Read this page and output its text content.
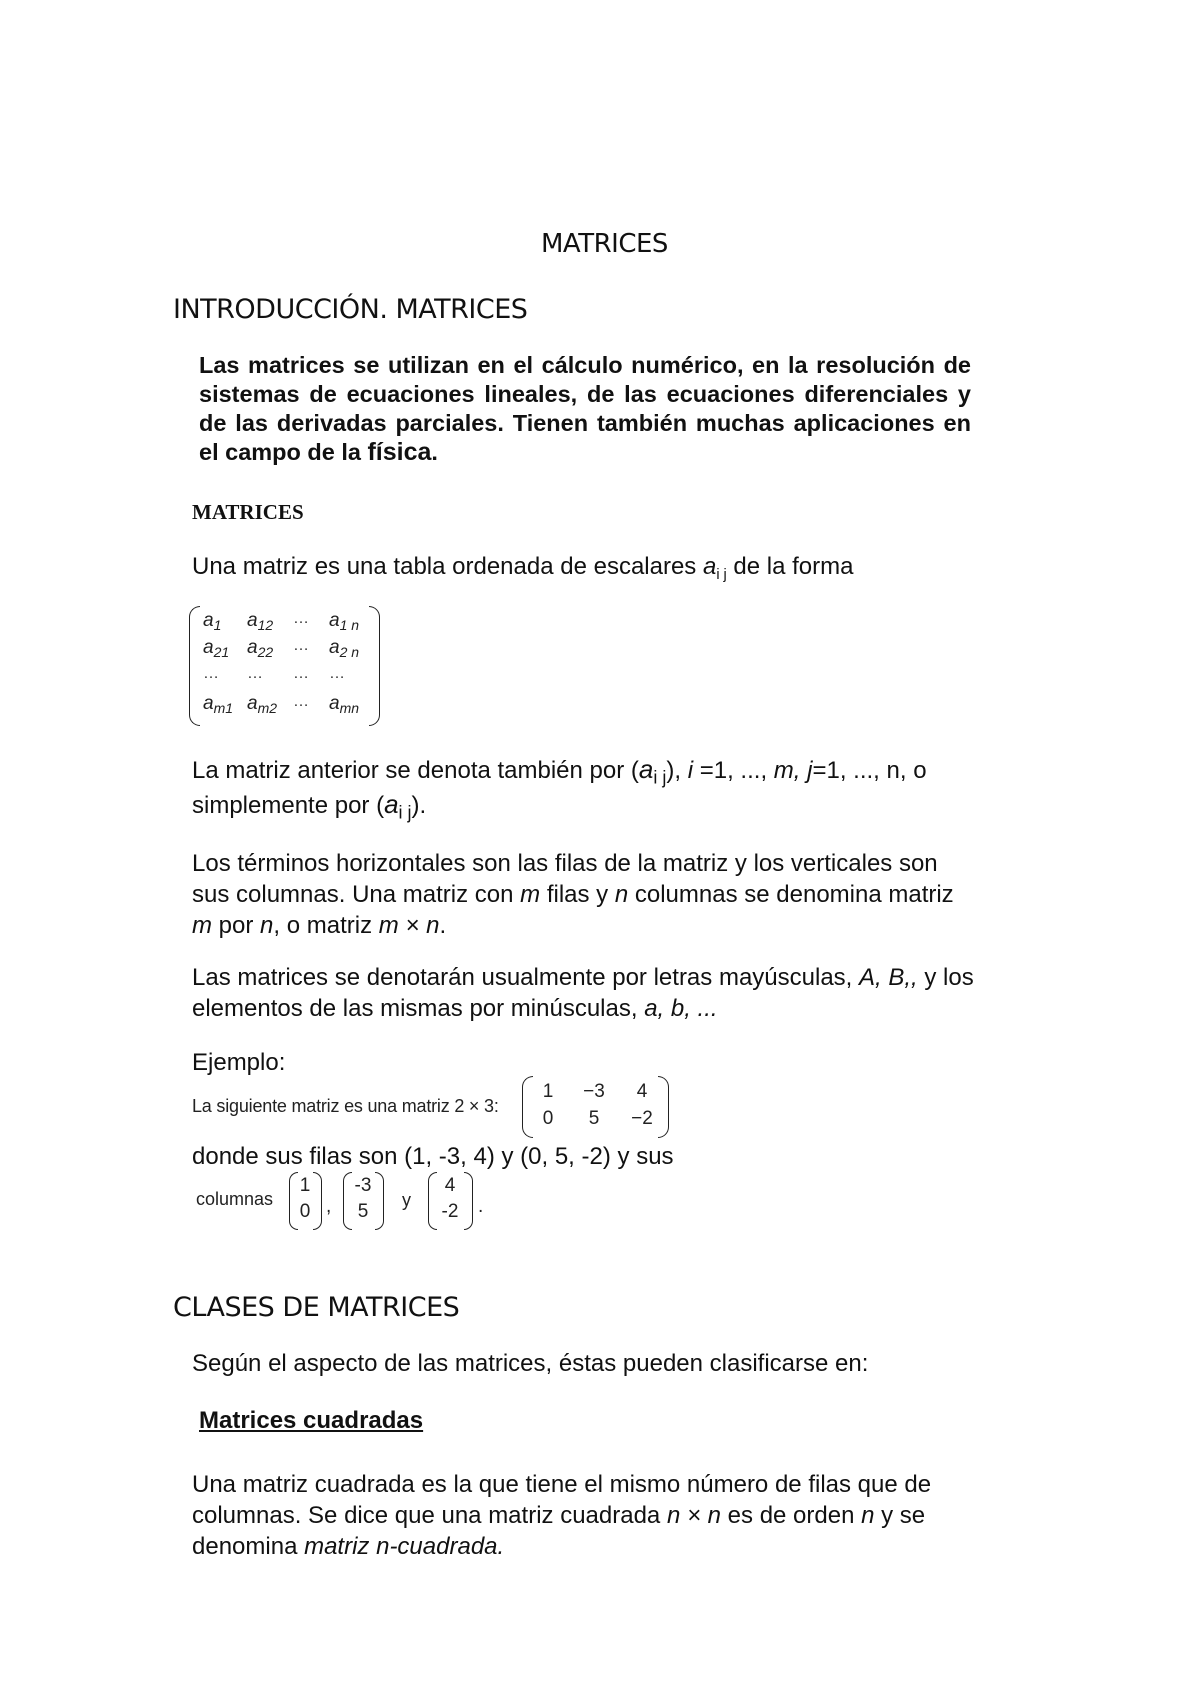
MATRICES
INTRODUCCIÓN. MATRICES
Las matrices se utilizan en el cálculo numérico, en la resolución de sistemas de ecuaciones lineales, de las ecuaciones diferenciales y de las derivadas parciales. Tienen también muchas aplicaciones en el campo de la física.
MATRICES
Una matriz es una tabla ordenada de escalares $a_{i j}$ de la forma
$a_1$ $a_{12}$ … $a_{1 n}$
$a_{21}$ $a_{22}$ … $a_{2 n}$
… … … …
$a_{m1}$ $a_{m2}$ … $a_{mn}$
La matriz anterior se denota también por $(a_{i j})$, i =1, ..., m, j=1, ..., n, o
simplemente por $(a_{i j})$.
Los términos horizontales son las filas de la matriz y los verticales son
sus columnas. Una matriz con m filas y n columnas se denomina matriz
m por n, o matriz m × n.
Las matrices se denotarán usualmente por letras mayúsculas, A, B,, y los
elementos de las mismas por minúsculas, a, b, ...
Ejemplo:
La siguiente matriz es una matriz 2 × 3:
1	−3	4
0	5	−2
donde sus filas son (1, -3, 4) y (0, 5, -2) y sus
columnas
1
0 ,
-3
5
y
4
-2	.
CLASES DE MATRICES
Según el aspecto de las matrices, éstas pueden clasificarse en:
Matrices cuadradas
Una matriz cuadrada es la que tiene el mismo número de filas que de
columnas. Se dice que una matriz cuadrada n × n es de orden n y se
denomina matriz n-cuadrada.
